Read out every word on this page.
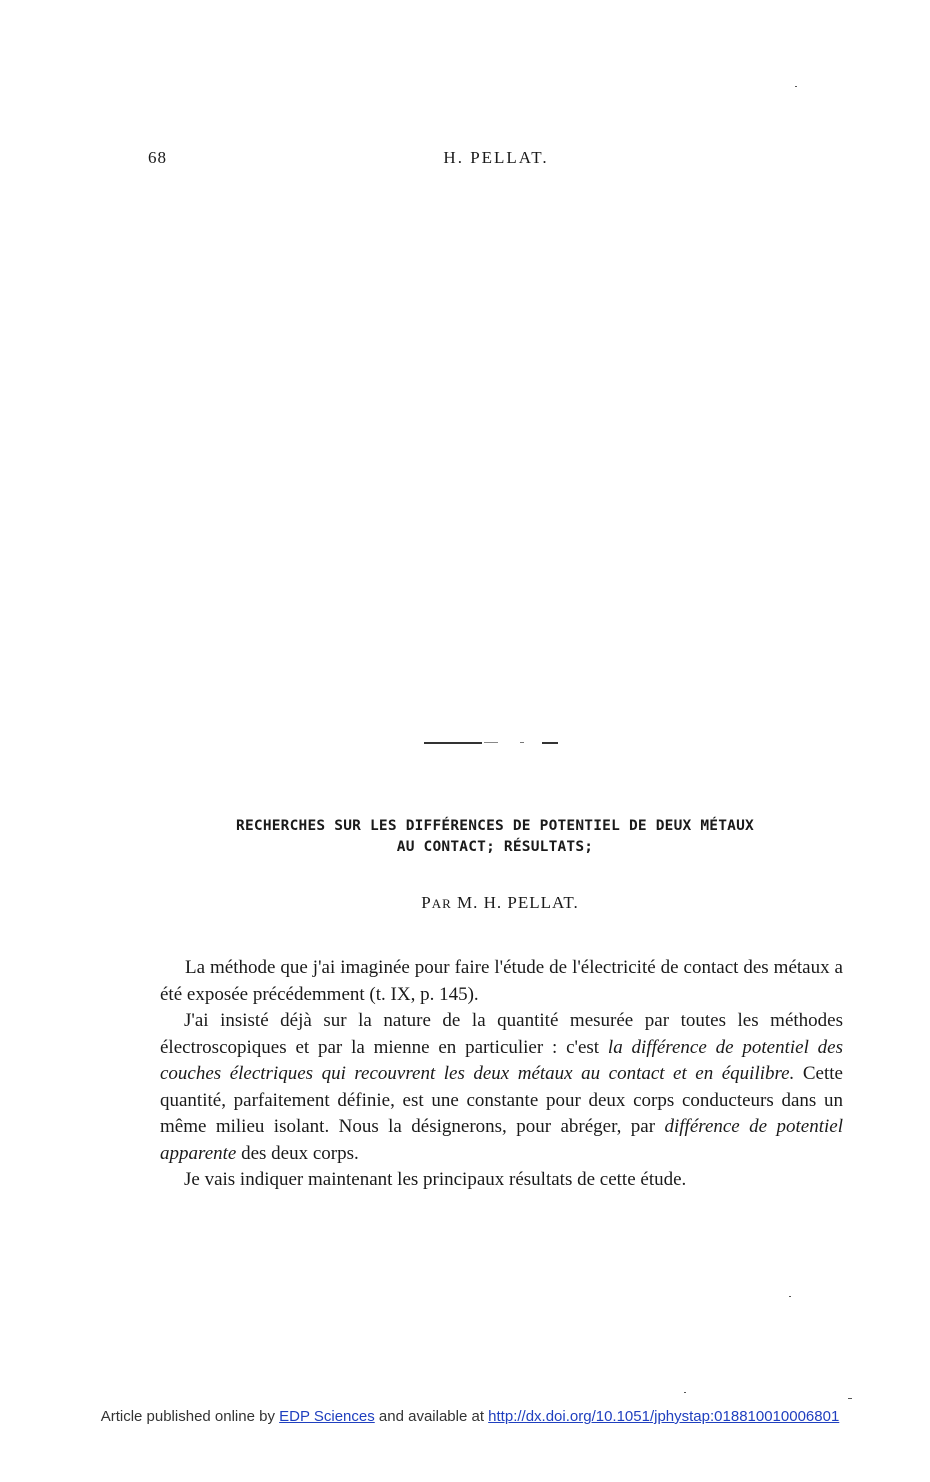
68	H. PELLAT.
RECHERCHES SUR LES DIFFÉRENCES DE POTENTIEL DE DEUX MÉTAUX
AU CONTACT; RÉSULTATS;
PAR M. H. PELLAT.

La méthode que j'ai imaginée pour faire l'étude de l'électricité de contact des métaux a été exposée précédemment (t. IX, p. 145).

J'ai insisté déjà sur la nature de la quantité mesurée par toutes les méthodes électroscopiques et par la mienne en particulier : c'est la différence de potentiel des couches électriques qui recouvrent les deux métaux au contact et en équilibre. Cette quantité, parfaitement définie, est une constante pour deux corps conducteurs dans un même milieu isolant. Nous la désignerons, pour abréger, par différence de potentiel apparente des deux corps.

Je vais indiquer maintenant les principaux résultats de cette étude.

Article published online by EDP Sciences and available at http://dx.doi.org/10.1051/jphystap:018810010006801
